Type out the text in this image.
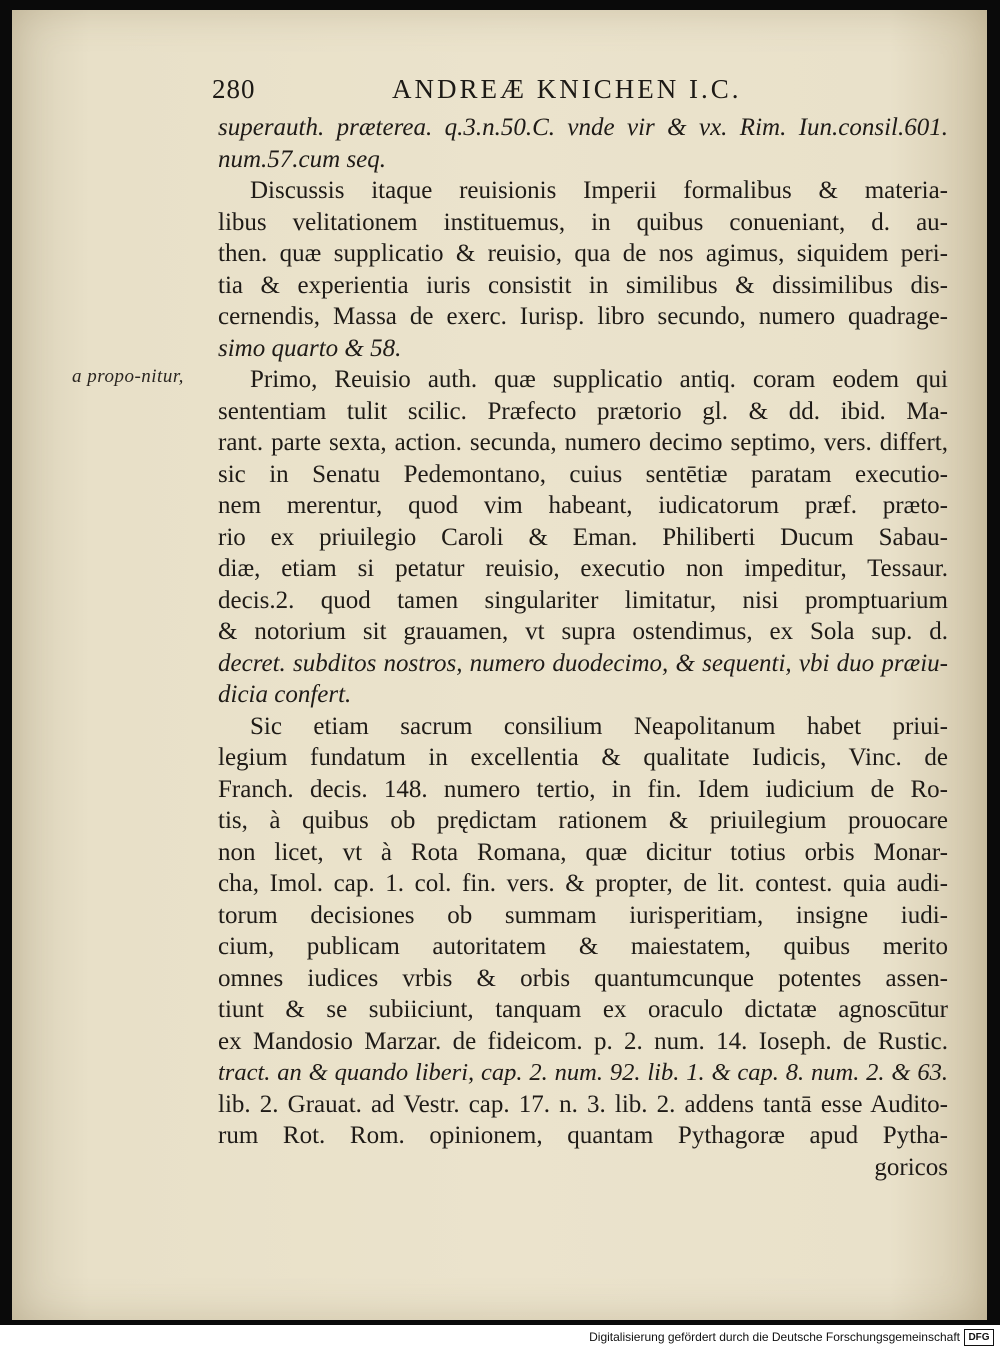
280	ANDREÆ KNICHEN I.C.
a propo-nitur,
superauth. præterea. q.3.n.50.C. vnde vir & vx. Rim. Iun.consil.601.
num.57.cum seq.
Discussis itaque reuisionis Imperii formalibus & materia-
libus velitationem instituemus, in quibus conueniant, d. au-
then. quæ supplicatio & reuisio, qua de nos agimus, siquidem peri-
tia & experientia iuris consistit in similibus & dissimilibus dis-
cernendis, Massa de exerc. Iurisp. libro secundo, numero quadrage-
simo quarto & 58.
Primo, Reuisio auth. quæ supplicatio antiq. coram eodem qui
sententiam tulit scilic. Præfecto prætorio gl. & dd. ibid. Ma-
rant. parte sexta, action. secunda, numero decimo septimo, vers. differt,
sic in Senatu Pedemontano, cuius sentētiæ paratam executio-
nem merentur, quod vim habeant, iudicatorum præf. præto-
rio ex priuilegio Caroli & Eman. Philiberti Ducum Sabau-
diæ, etiam si petatur reuisio, executio non impeditur, Tessaur.
decis.2. quod tamen singulariter limitatur, nisi promptuarium
& notorium sit grauamen, vt supra ostendimus, ex Sola sup. d.
decret. subditos nostros, numero duodecimo, & sequenti, vbi duo præiu-
dicia confert.
Sic etiam sacrum consilium Neapolitanum habet priui-
legium fundatum in excellentia & qualitate Iudicis, Vinc. de
Franch. decis. 148. numero tertio, in fin. Idem iudicium de Ro-
tis, à quibus ob prędictam rationem & priuilegium prouocare
non licet, vt à Rota Romana, quæ dicitur totius orbis Monar-
cha, Imol. cap. 1. col. fin. vers. & propter, de lit. contest. quia audi-
torum decisiones ob summam iurisperitiam, insigne iudi-
cium, publicam autoritatem & maiestatem, quibus merito
omnes iudices vrbis & orbis quantumcunque potentes assen-
tiunt & se subiiciunt, tanquam ex oraculo dictatæ agnoscūtur
ex Mandosio Marzar. de fideicom. p. 2. num. 14. Ioseph. de Rustic.
tract. an & quando liberi, cap. 2. num. 92. lib. 1. & cap. 8. num. 2. & 63.
lib. 2. Grauat. ad Vestr. cap. 17. n. 3. lib. 2. addens tantā esse Audito-
rum Rot. Rom. opinionem, quantam Pythagoræ apud Pytha-
goricos
Digitalisierung gefördert durch die Deutsche Forschungsgemeinschaft DFG
